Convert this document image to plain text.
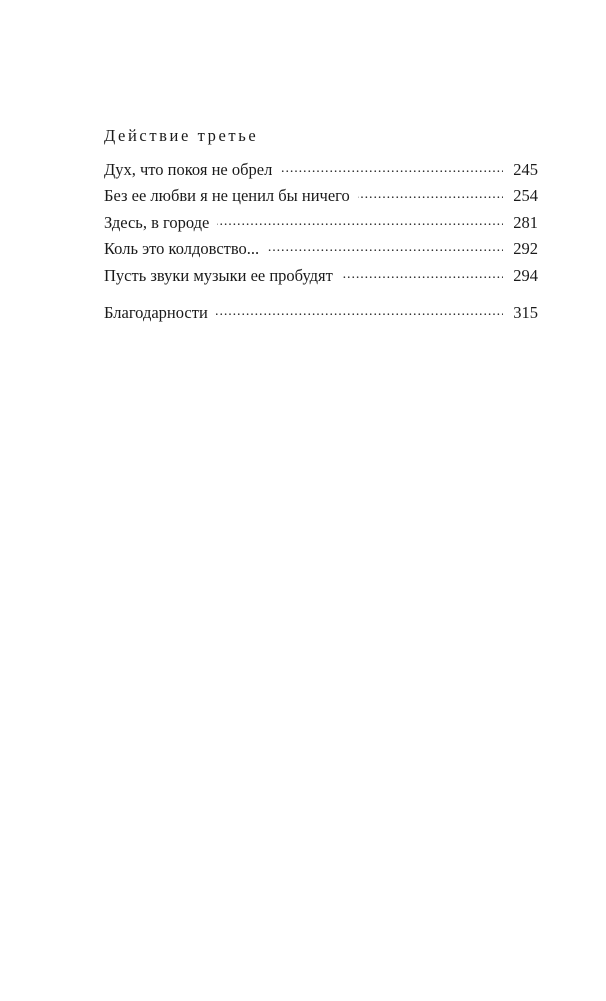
Действие третье
Дух, что покоя не обрел . . .	245
Без ее любви я не ценил бы ничего . . .	254
Здесь, в городе . . .	281
Коль это колдовство... . . .	292
Пусть звуки музыки ее пробудят . . .	294
Благодарности . . .	315
